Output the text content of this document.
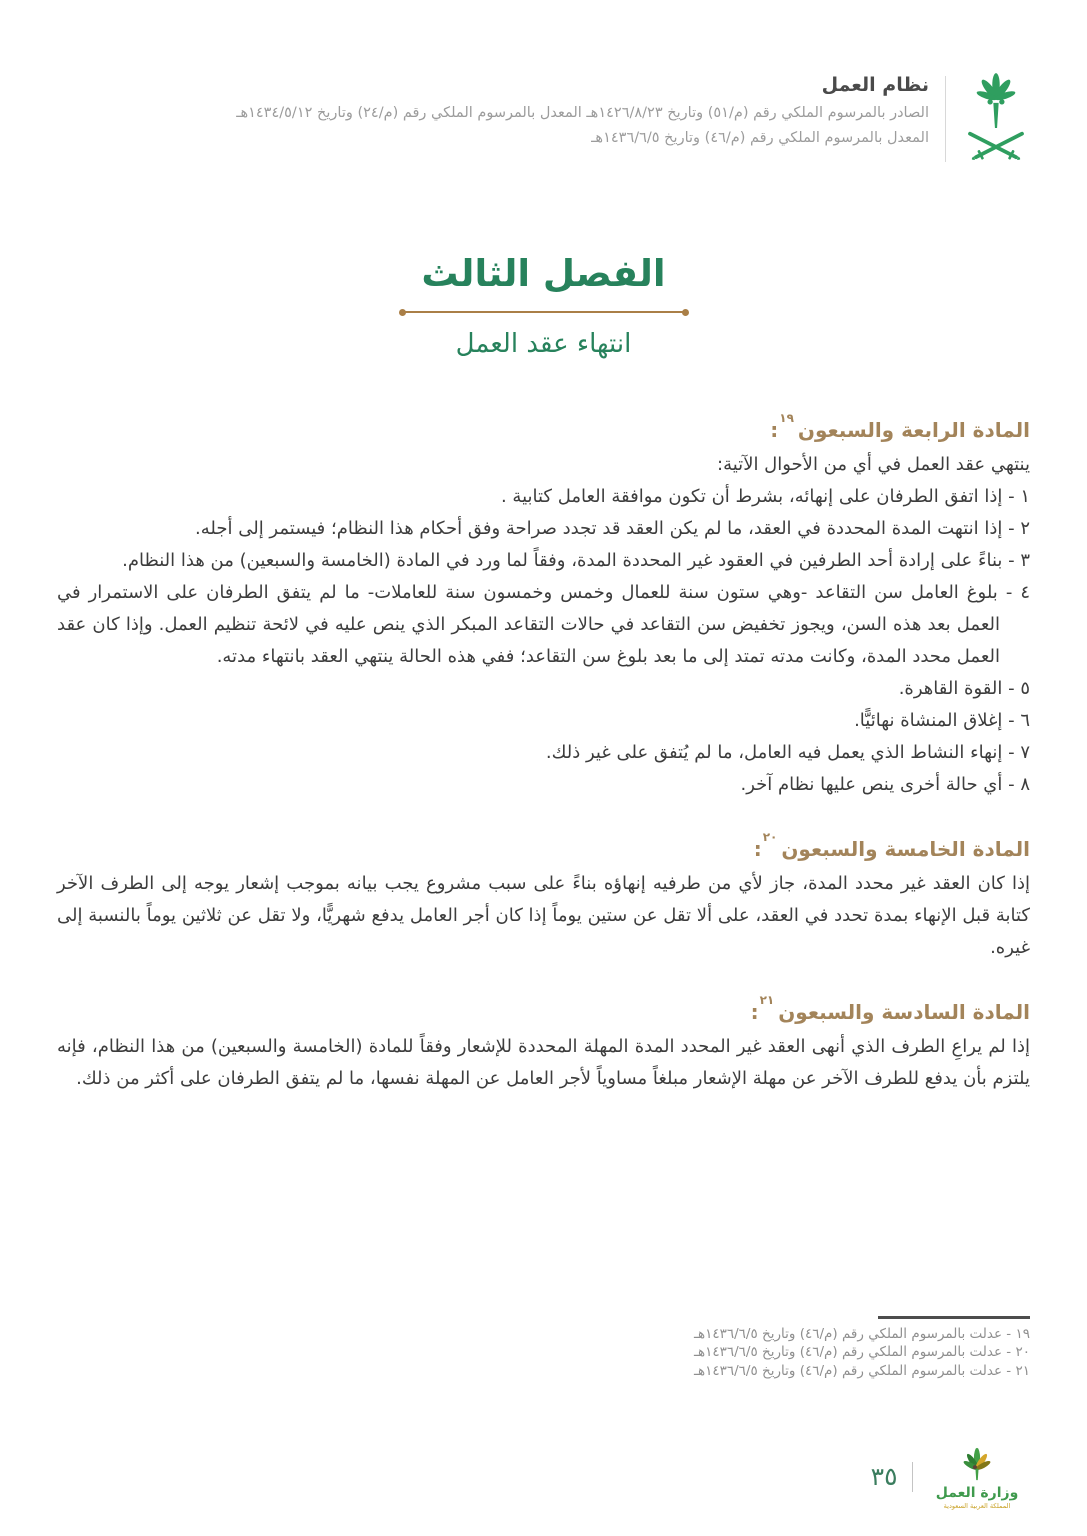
نظام العمل
الصادر بالمرسوم الملكي رقم (م/٥١) وتاريخ ١٤٢٦/٨/٢٣هـ المعدل بالمرسوم الملكي رقم (م/٢٤) وتاريخ ١٤٣٤/٥/١٢هـ
المعدل بالمرسوم الملكي رقم (م/٤٦) وتاريخ ١٤٣٦/٦/٥هـ
الفصل الثالث
انتهاء عقد العمل
المادة الرابعة والسبعون$^{١٩}$:
ينتهي عقد العمل في أي من الأحوال الآتية:
١ - إذا اتفق الطرفان على إنهائه، بشرط أن تكون موافقة العامل كتابية .
٢ - إذا انتهت المدة المحددة في العقد، ما لم يكن العقد قد تجدد صراحة وفق أحكام هذا النظام؛ فيستمر إلى أجله.
٣ - بناءً على إرادة أحد الطرفين في العقود غير المحددة المدة، وفقاً لما ورد في المادة (الخامسة والسبعين) من هذا النظام.
٤ - بلوغ العامل سن التقاعد -وهي ستون سنة للعمال وخمس وخمسون سنة للعاملات- ما لم يتفق الطرفان على الاستمرار في العمل بعد هذه السن، ويجوز تخفيض سن التقاعد في حالات التقاعد المبكر الذي ينص عليه في لائحة تنظيم العمل. وإذا كان عقد العمل محدد المدة، وكانت مدته تمتد إلى ما بعد بلوغ سن التقاعد؛ ففي هذه الحالة ينتهي العقد بانتهاء مدته.
٥ - القوة القاهرة.
٦ - إغلاق المنشاة نهائيًّا.
٧ - إنهاء النشاط الذي يعمل فيه العامل، ما لم يُتفق على غير ذلك.
٨ - أي حالة أخرى ينص عليها نظام آخر.
المادة الخامسة والسبعون$^{٢٠}$:
إذا كان العقد غير محدد المدة، جاز لأي من طرفيه إنهاؤه بناءً على سبب مشروع يجب بيانه بموجب إشعار يوجه إلى الطرف الآخر كتابة قبل الإنهاء بمدة تحدد في العقد، على ألا تقل عن ستين يوماً إذا كان أجر العامل يدفع شهريًّا، ولا تقل عن ثلاثين يوماً بالنسبة إلى غيره.
المادة السادسة والسبعون$^{٢١}$:
إذا لم يراعِ الطرف الذي أنهى العقد غير المحدد المدة المهلة المحددة للإشعار وفقاً للمادة (الخامسة والسبعين) من هذا النظام، فإنه يلتزم بأن يدفع للطرف الآخر عن مهلة الإشعار مبلغاً مساوياً لأجر العامل عن المهلة نفسها، ما لم يتفق الطرفان على أكثر من ذلك.
١٩ - عدلت بالمرسوم الملكي رقم (م/٤٦) وتاريخ ١٤٣٦/٦/٥هـ
٢٠ - عدلت بالمرسوم الملكي رقم (م/٤٦) وتاريخ ١٤٣٦/٦/٥هـ
٢١ - عدلت بالمرسوم الملكي رقم (م/٤٦) وتاريخ ١٤٣٦/٦/٥هـ
وزارة العمل
المملكة العربية السعودية
٣٥
